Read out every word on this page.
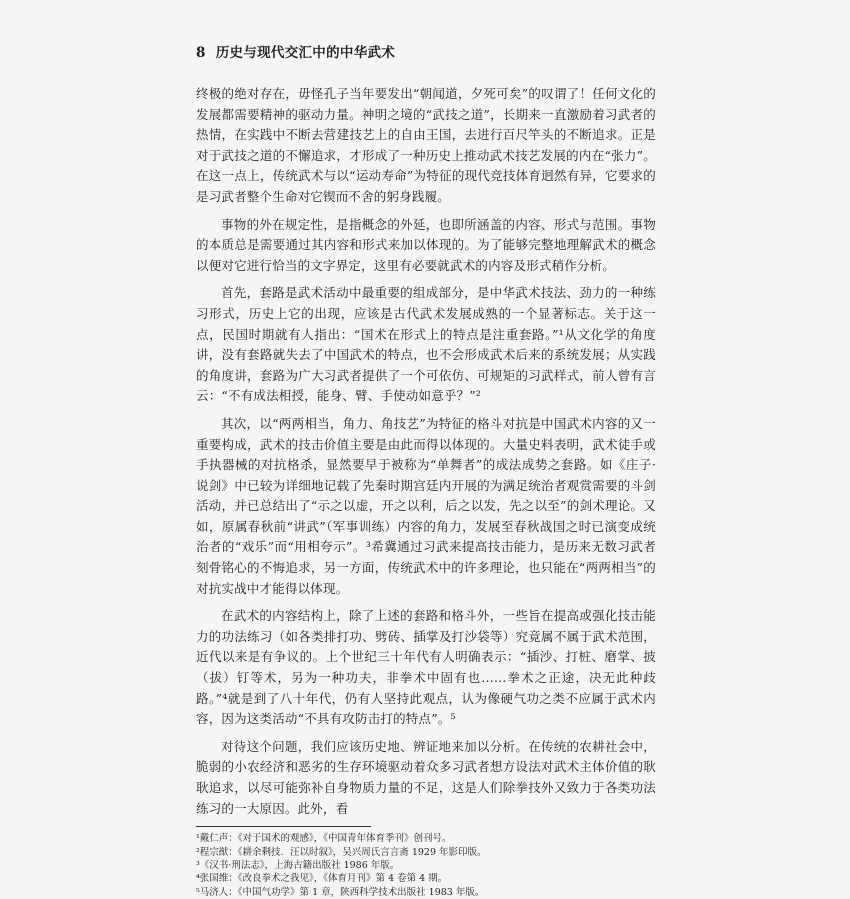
8 历史与现代交汇中的中华武术

终极的绝对存在，毋怪孔子当年要发出“朝闻道，夕死可矣”的叹谓了！任何文化的发展都需要精神的驱动力量。神明之境的“武技之道”，长期来一直激励着习武者的热情，在实践中不断去营建技艺上的自由王国，去进行百尺竿头的不断追求。正是对于武技之道的不懈追求，才形成了一种历史上推动武术技艺发展的内在“张力”。在这一点上，传统武术与以“运动寿命”为特征的现代竞技体育迥然有异，它要求的是习武者整个生命对它锲而不舍的躬身践履。

事物的外在规定性，是指概念的外延，也即所涵盖的内容、形式与范围。事物的本质总是需要通过其内容和形式来加以体现的。为了能够完整地理解武术的概念以便对它进行恰当的文字界定，这里有必要就武术的内容及形式稍作分析。

首先，套路是武术活动中最重要的组成部分，是中华武术技法、劲力的一种练习形式，历史上它的出现，应该是古代武术发展成熟的一个显著标志。关于这一点，民国时期就有人指出：“国术在形式上的特点是注重套路。”¹从文化学的角度讲，没有套路就失去了中国武术的特点，也不会形成武术后来的系统发展；从实践的角度讲，套路为广大习武者提供了一个可依仿、可规矩的习武样式，前人曾有言云：“不有成法相授，能身、臂、手使动如意乎？”²

其次，以“两两相当，角力、角技艺”为特征的格斗对抗是中国武术内容的又一重要构成，武术的技击价值主要是由此而得以体现的。大量史料表明，武术徒手或手执器械的对抗格杀，显然要早于被称为“单舞者”的成法成势之套路。如《庄子·说剑》中已较为详细地记载了先秦时期宫廷内开展的为满足统治者观赏需要的斗剑活动，并已总结出了“示之以虚，开之以利，后之以发，先之以至”的剑术理论。又如，原属春秋前“讲武”（军事训练）内容的角力，发展至春秋战国之时已演变成统治者的“戏乐”而“用相夸示”。³希冀通过习武来提高技击能力，是历来无数习武者刻骨铭心的不悔追求，另一方面，传统武术中的许多理论，也只能在“两两相当”的对抗实战中才能得以体现。

在武术的内容结构上，除了上述的套路和格斗外，一些旨在提高或强化技击能力的功法练习（如各类排打功、劈砖、插掌及打沙袋等）究竟属不属于武术范围，近代以来是有争议的。上个世纪三十年代有人明确表示：“插沙、打桩、磨掌、披（拔）钉等术，另为一种功夫，非拳术中固有也……拳术之正途，决无此种歧路。”⁴就是到了八十年代，仍有人坚持此观点，认为像硬气功之类不应属于武术内容，因为这类活动“不具有攻防击打的特点”。⁵

对待这个问题，我们应该历史地、辨证地来加以分析。在传统的农耕社会中，脆弱的小农经济和恶劣的生存环境驱动着众多习武者想方设法对武术主体价值的耿耿追求，以尽可能弥补自身物质力量的不足，这是人们除拳技外又致力于各类功法练习的一大原因。此外，看

¹戴仁声：《对于国术的观感》，《中国青年体育季刊》创刊号。
²程宗猷：《耕余剩技．汪以时叙》，吴兴周氏言言斋 1929 年影印版。
³《汉书·刑法志》，上海古籍出版社 1986 年版。
⁴张国维：《改良拳术之我见》，《体育月刊》第 4 卷第 4 期。
⁵马济人：《中国气功学》第 1 章，陕西科学技术出版社 1983 年版。
